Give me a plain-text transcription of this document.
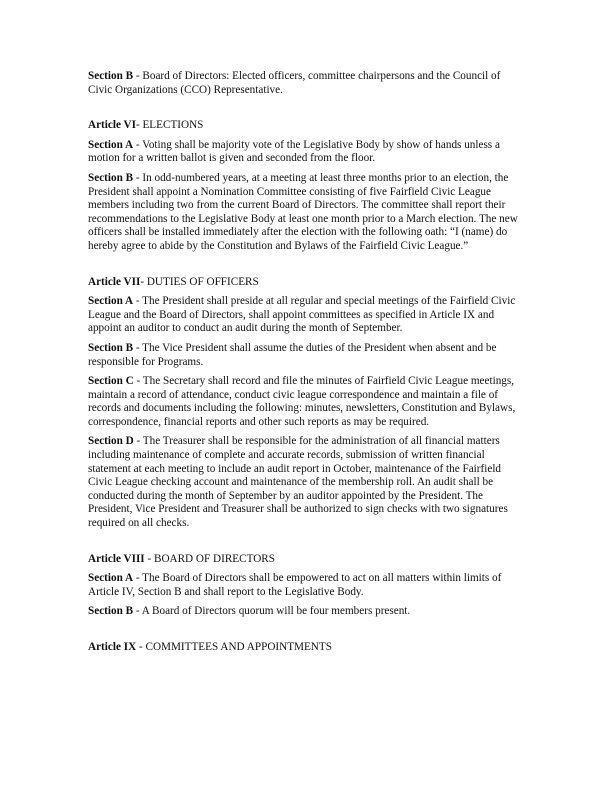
Section B - Board of Directors: Elected officers, committee chairpersons and the Council of Civic Organizations (CCO) Representative.

Article VI- ELECTIONS

Section A - Voting shall be majority vote of the Legislative Body by show of hands unless a motion for a written ballot is given and seconded from the floor.

Section B - In odd-numbered years, at a meeting at least three months prior to an election, the President shall appoint a Nomination Committee consisting of five Fairfield Civic League members including two from the current Board of Directors. The committee shall report their recommendations to the Legislative Body at least one month prior to a March election. The new officers shall be installed immediately after the election with the following oath: “I (name) do hereby agree to abide by the Constitution and Bylaws of the Fairfield Civic League.”

Article VII- DUTIES OF OFFICERS

Section A - The President shall preside at all regular and special meetings of the Fairfield Civic League and the Board of Directors, shall appoint committees as specified in Article IX and appoint an auditor to conduct an audit during the month of September.

Section B - The Vice President shall assume the duties of the President when absent and be responsible for Programs.

Section C - The Secretary shall record and file the minutes of Fairfield Civic League meetings, maintain a record of attendance, conduct civic league correspondence and maintain a file of records and documents including the following: minutes, newsletters, Constitution and Bylaws, correspondence, financial reports and other such reports as may be required.

Section D - The Treasurer shall be responsible for the administration of all financial matters including maintenance of complete and accurate records, submission of written financial statement at each meeting to include an audit report in October, maintenance of the Fairfield Civic League checking account and maintenance of the membership roll. An audit shall be conducted during the month of September by an auditor appointed by the President. The President, Vice President and Treasurer shall be authorized to sign checks with two signatures required on all checks.

Article VIII - BOARD OF DIRECTORS

Section A - The Board of Directors shall be empowered to act on all matters within limits of Article IV, Section B and shall report to the Legislative Body.

Section B - A Board of Directors quorum will be four members present.

Article IX - COMMITTEES AND APPOINTMENTS
